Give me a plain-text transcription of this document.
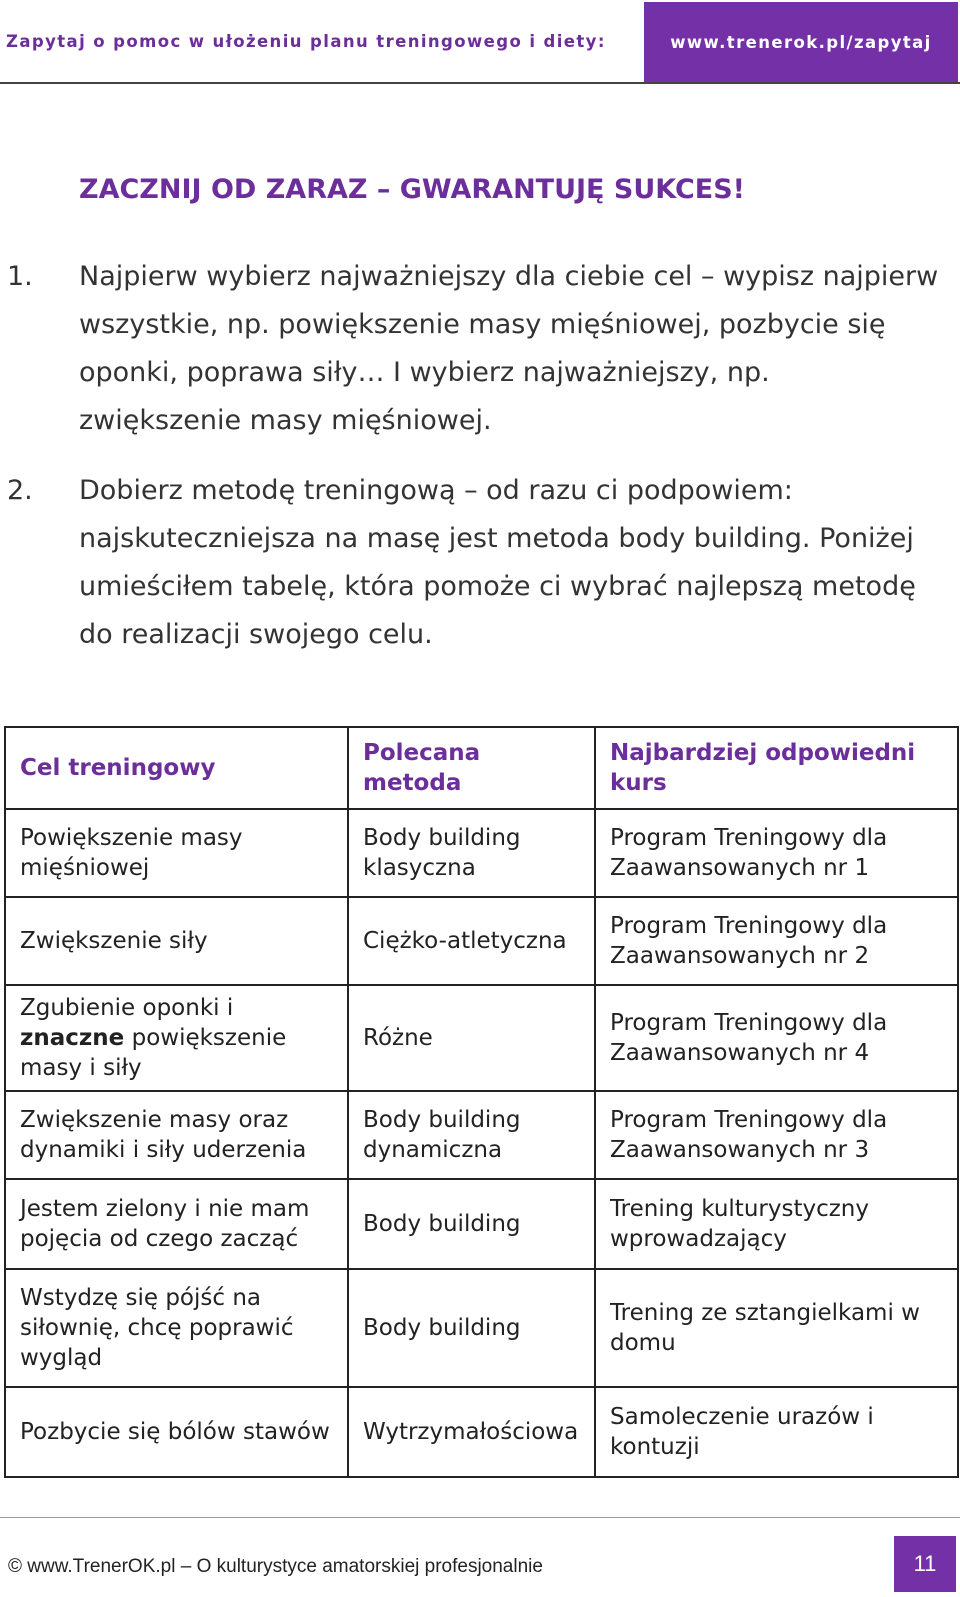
Zapytaj o pomoc w ułożeniu planu treningowego i diety:	www.trenerok.pl/zapytaj
ZACZNIJ OD ZARAZ – GWARANTUJĘ SUKCES!
1. Najpierw wybierz najważniejszy dla ciebie cel – wypisz najpierw wszystkie, np. powiększenie masy mięśniowej, pozbycie się oponki, poprawa siły… I wybierz najważniejszy, np. zwiększenie masy mięśniowej.
2. Dobierz metodę treningową – od razu ci podpowiem: najskuteczniejsza na masę jest metoda body building. Poniżej umieściłem tabelę, która pomoże ci wybrać najlepszą metodę do realizacji swojego celu.
Cel treningowy	Polecana metoda	Najbardziej odpowiedni kurs
Powiększenie masy mięśniowej	Body building klasyczna	Program Treningowy dla Zaawansowanych nr 1
Zwiększenie siły	Ciężko-atletyczna	Program Treningowy dla Zaawansowanych nr 2
Zgubienie oponki i znaczne powiększenie masy i siły	Różne	Program Treningowy dla Zaawansowanych nr 4
Zwiększenie masy oraz dynamiki i siły uderzenia	Body building dynamiczna	Program Treningowy dla Zaawansowanych nr 3
Jestem zielony i nie mam pojęcia od czego zacząć	Body building	Trening kulturystyczny wprowadzający
Wstydzę się pójść na siłownię, chcę poprawić wygląd	Body building	Trening ze sztangielkami w domu
Pozbycie się bólów stawów	Wytrzymałościowa	Samoleczenie urazów i kontuzji
© www.TrenerOK.pl – O kulturystyce amatorskiej profesjonalnie	11
